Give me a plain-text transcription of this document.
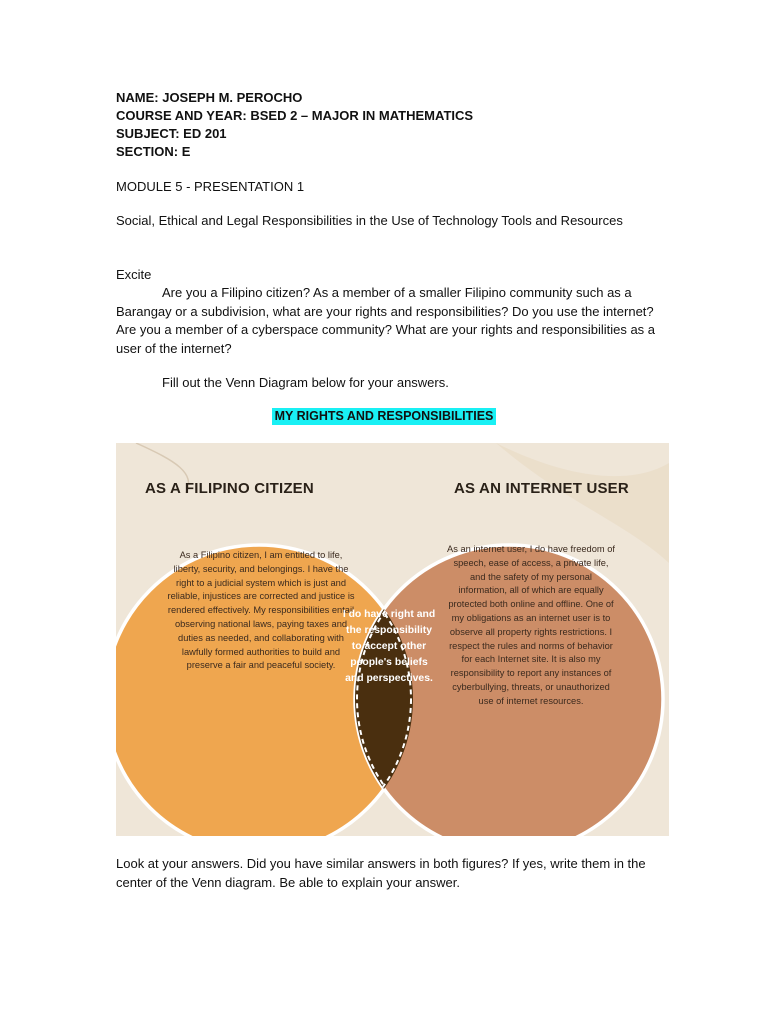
NAME: JOSEPH M. PEROCHO
COURSE AND YEAR: BSED 2 – MAJOR IN MATHEMATICS
SUBJECT: ED 201
SECTION: E
MODULE 5 - PRESENTATION 1
Social, Ethical and Legal Responsibilities in the Use of Technology Tools and Resources
Excite
Are you a Filipino citizen? As a member of a smaller Filipino community such as a Barangay or a subdivision, what are your rights and responsibilities? Do you use the internet? Are you a member of a cyberspace community? What are your rights and responsibilities as a user of the internet?
Fill out the Venn Diagram below for your answers.
MY RIGHTS AND RESPONSIBILITIES
AS A FILIPINO CITIZEN	AS AN INTERNET USER
As a Filipino citizen, I am entitled to life, liberty, security, and belongings. I have the right to a judicial system which is just and reliable, injustices are corrected and justice is rendered effectively. My responsibilities entail observing national laws, paying taxes and duties as needed, and collaborating with lawfully formed authorities to build and preserve a fair and peaceful society.
As an internet user, I do have freedom of speech, ease of access, a private life, and the safety of my personal information, all of which are equally protected both online and offline. One of my obligations as an internet user is to observe all property rights restrictions. I respect the rules and norms of behavior for each Internet site. It is also my responsibility to report any instances of cyberbullying, threats, or unauthorized use of internet resources.
I do have right and the responsibility to accept other people's beliefs and perspectives.
Look at your answers. Did you have similar answers in both figures? If yes, write them in the center of the Venn diagram. Be able to explain your answer.
